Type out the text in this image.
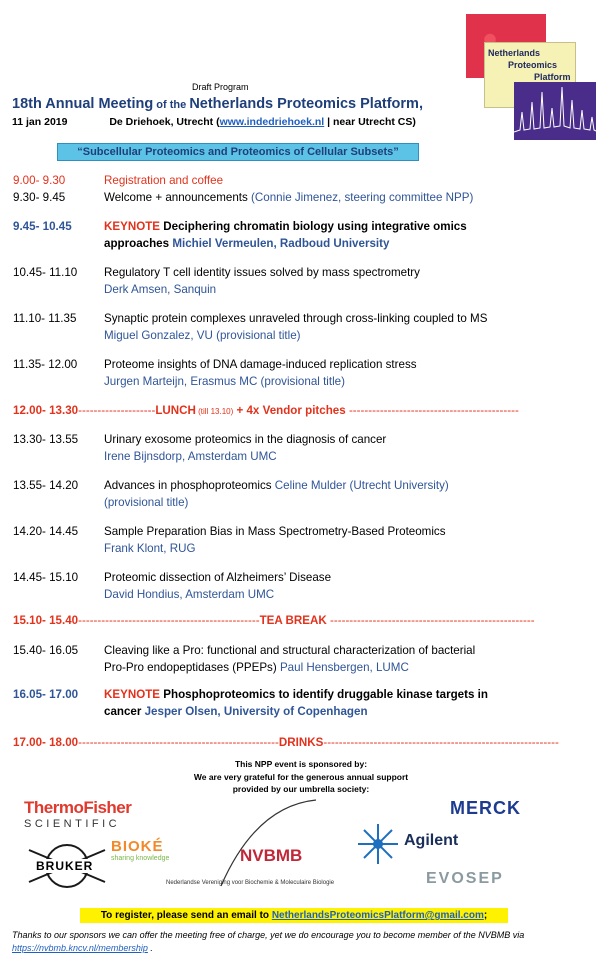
Netherlands
Proteomics
Platform
Draft Program
18th Annual Meeting of the Netherlands Proteomics Platform,
11 jan 2019	De Driehoek, Utrecht (www.indedriehoek.nl | near Utrecht CS)
“Subcellular Proteomics and Proteomics of Cellular Subsets”
9.00- 9.30	Registration and coffee
9.30- 9.45	Welcome + announcements (Connie Jimenez, steering committee NPP)
9.45- 10.45	KEYNOTE Deciphering chromatin biology using integrative omics
approaches Michiel Vermeulen, Radboud University
10.45- 11.10	Regulatory T cell identity issues solved by mass spectrometry
Derk Amsen, Sanquin
11.10- 11.35	Synaptic protein complexes unraveled through cross-linking coupled to MS
Miguel Gonzalez, VU (provisional title)
11.35- 12.00	Proteome insights of DNA damage-induced replication stress
Jurgen Marteijn, Erasmus MC (provisional title)
12.00- 13.30--------------------LUNCH (till 13.10) + 4x Vendor pitches --------------------------------------------
13.30- 13.55	Urinary exosome proteomics in the diagnosis of cancer
Irene Bijnsdorp, Amsterdam UMC
13.55- 14.20	Advances in phosphoproteomics Celine Mulder (Utrecht University)
(provisional title)
14.20- 14.45	Sample Preparation Bias in Mass Spectrometry-Based Proteomics
Frank Klont, RUG
14.45- 15.10	Proteomic dissection of Alzheimers’ Disease
David Hondius, Amsterdam UMC
15.10- 15.40-----------------------------------------------TEA BREAK -----------------------------------------------------
15.40- 16.05	Cleaving like a Pro: functional and structural characterization of bacterial
Pro-Pro endopeptidases (PPEPs) Paul Hensbergen, LUMC
16.05- 17.00	KEYNOTE Phosphoproteomics to identify druggable kinase targets in
cancer Jesper Olsen, University of Copenhagen
17.00- 18.00----------------------------------------------------DRINKS-------------------------------------------------------------
This NPP event is sponsored by:
We are very grateful for the generous annual support
provided by our umbrella society:
ThermoFisher
SCIENTIFIC
BIOKÉ
sharing knowledge
BRUKER
NVBMB
Nederlandse Vereniging voor Biochemie & Moleculaire Biologie
MERCK
Agilent
EVOSEP
To register, please send an email to NetherlandsProteomicsPlatform@gmail.com;
Thanks to our sponsors we can offer the meeting free of charge, yet we do encourage you to become member of the NVBMB via https://nvbmb.kncv.nl/membership .
